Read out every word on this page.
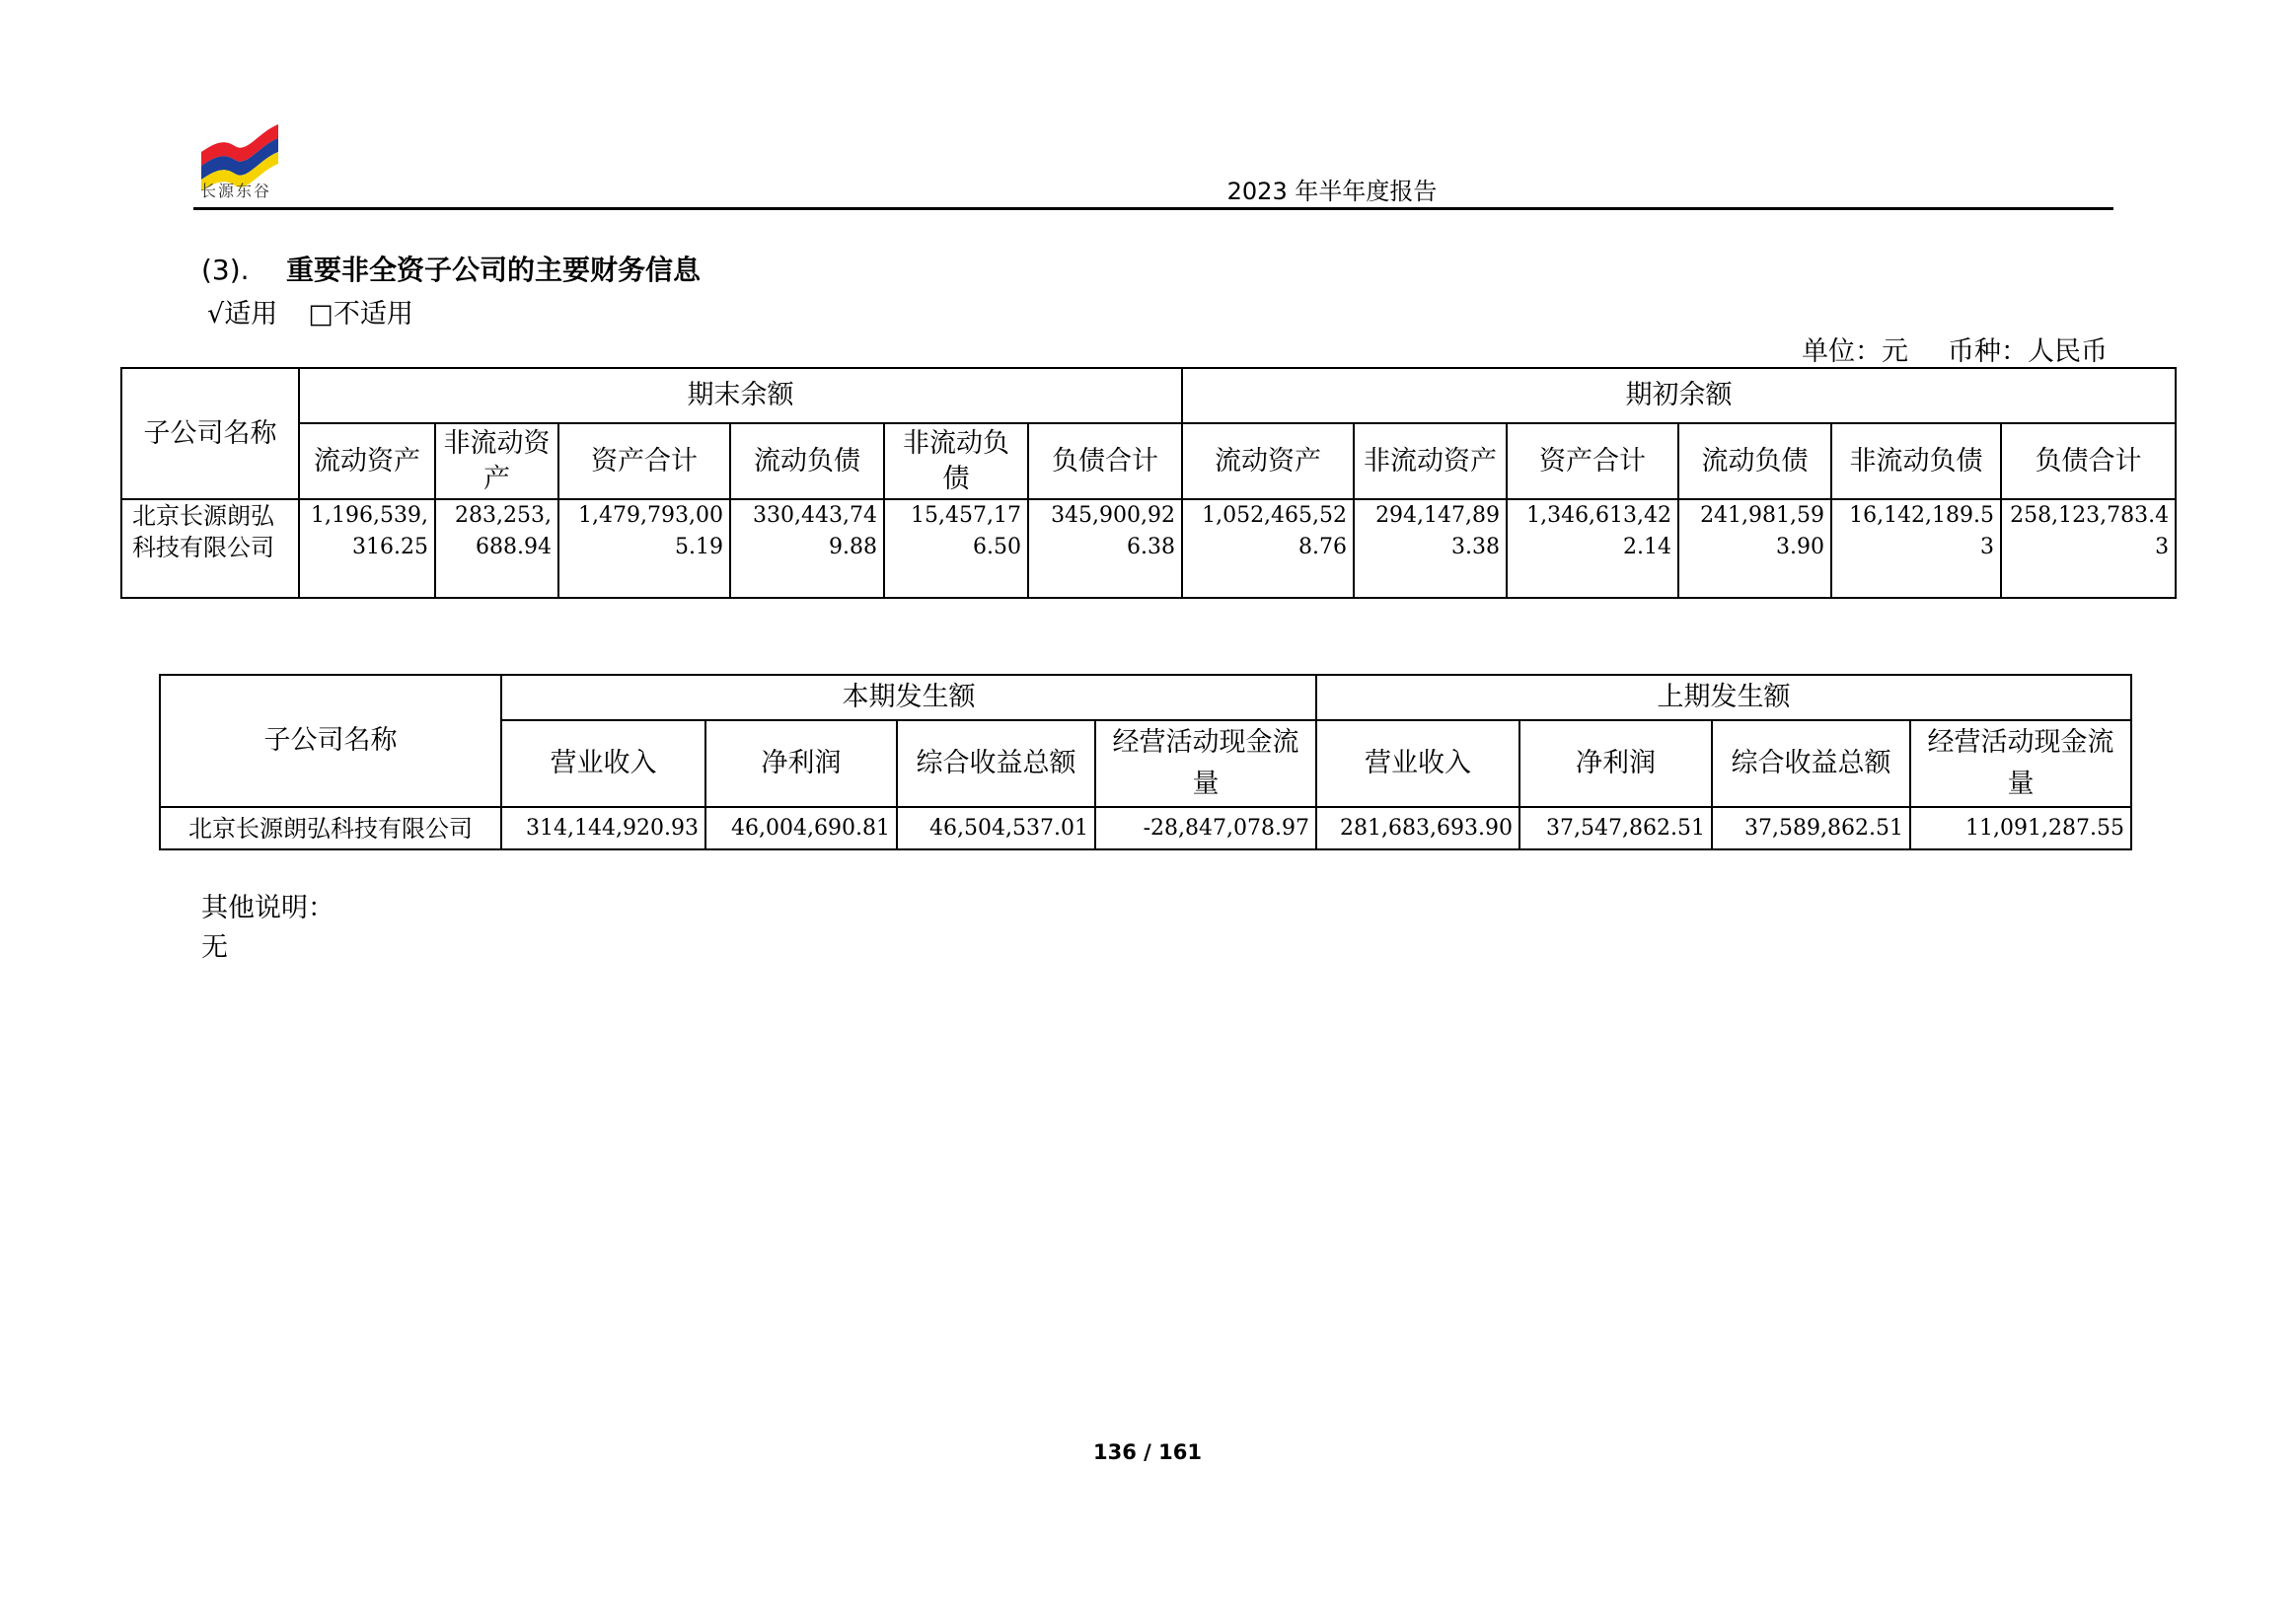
长源东谷	2023 年半年度报告
(3). 重要非全资子公司的主要财务信息
√适用 □不适用
单位：元 币种：人民币
子公司名称	期末余额						期初余额					
	流动资产	非流动资产	资产合计	流动负债	非流动负债	负债合计	流动资产	非流动资产	资产合计	流动负债	非流动负债	负债合计
北京长源朗弘科技有限公司	1,196,539,316.25	283,253,688.94	1,479,793,005.19	330,443,749.88	15,457,176.50	345,900,926.38	1,052,465,528.76	294,147,893.38	1,346,613,422.14	241,981,593.90	16,142,189.53	258,123,783.43
子公司名称	本期发生额				上期发生额			
	营业收入	净利润	综合收益总额	经营活动现金流量	营业收入	净利润	综合收益总额	经营活动现金流量
北京长源朗弘科技有限公司	314,144,920.93	46,004,690.81	46,504,537.01	-28,847,078.97	281,683,693.90	37,547,862.51	37,589,862.51	11,091,287.55
其他说明：
无
136 / 161
